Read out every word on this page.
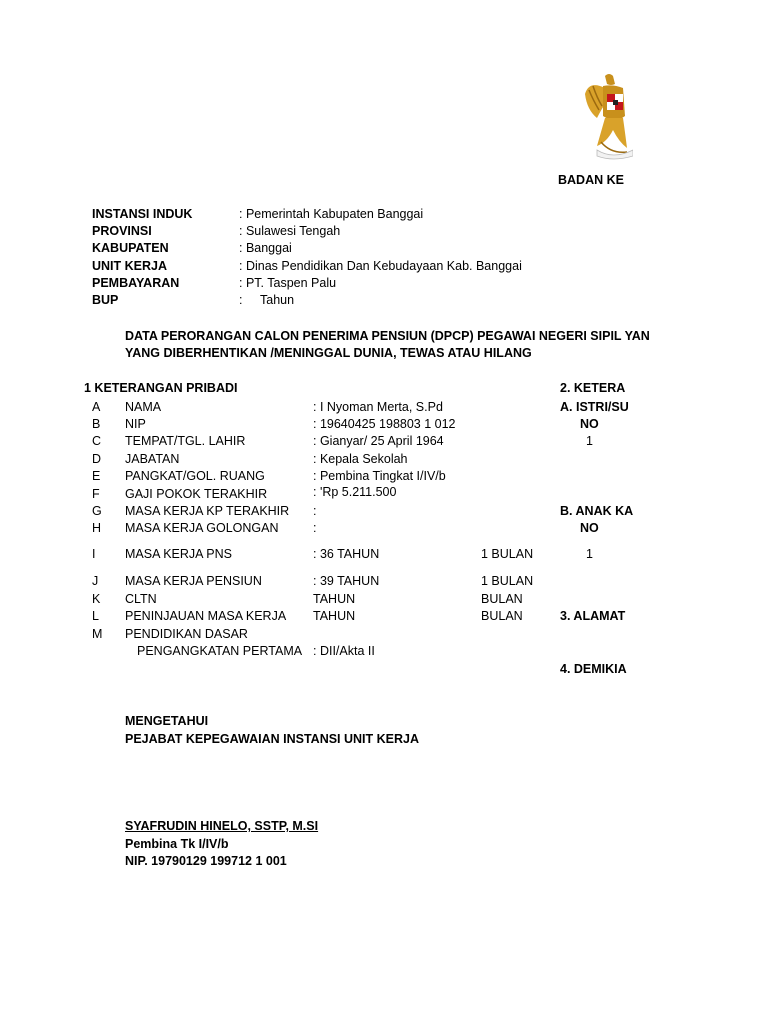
BADAN KE
INSTANSI INDUK	: Pemerintah Kabupaten Banggai
PROVINSI	: Sulawesi Tengah
KABUPATEN	: Banggai
UNIT KERJA	: Dinas Pendidikan Dan Kebudayaan Kab. Banggai
PEMBAYARAN	: PT. Taspen Palu
BUP	: Tahun
DATA PERORANGAN CALON PENERIMA PENSIUN (DPCP) PEGAWAI NEGERI SIPIL YAN
YANG DIBERHENTIKAN /MENINGGAL DUNIA, TEWAS ATAU HILANG
1 KETERANGAN PRIBADI	2. KETERA
A NAMA	: I Nyoman Merta, S.Pd	A. ISTRI/SU
B NIP	: 19640425 198803 1 012	NO
C TEMPAT/TGL. LAHIR	: Gianyar/ 25 April 1964	1
D JABATAN	: Kepala Sekolah
E PANGKAT/GOL. RUANG	: Pembina Tingkat I/IV/b
F GAJI POKOK TERAKHIR	: 'Rp 5.211.500
G MASA KERJA KP TERAKHIR :	B. ANAK KA
H MASA KERJA GOLONGAN	:	NO
I MASA KERJA PNS	: 36 TAHUN	1 BULAN	1
J MASA KERJA PENSIUN	: 39 TAHUN	1 BULAN
K CLTN	TAHUN	BULAN
L PENINJAUAN MASA KERJA TAHUN	BULAN	3. ALAMAT
M PENDIDIKAN DASAR
PENGANGKATAN PERTAMA : DII/Akta II
4. DEMIKIA
MENGETAHUI
PEJABAT KEPEGAWAIAN INSTANSI UNIT KERJA
SYAFRUDIN HINELO, SSTP, M.SI
Pembina Tk I/IV/b
NIP. 19790129 199712 1 001
